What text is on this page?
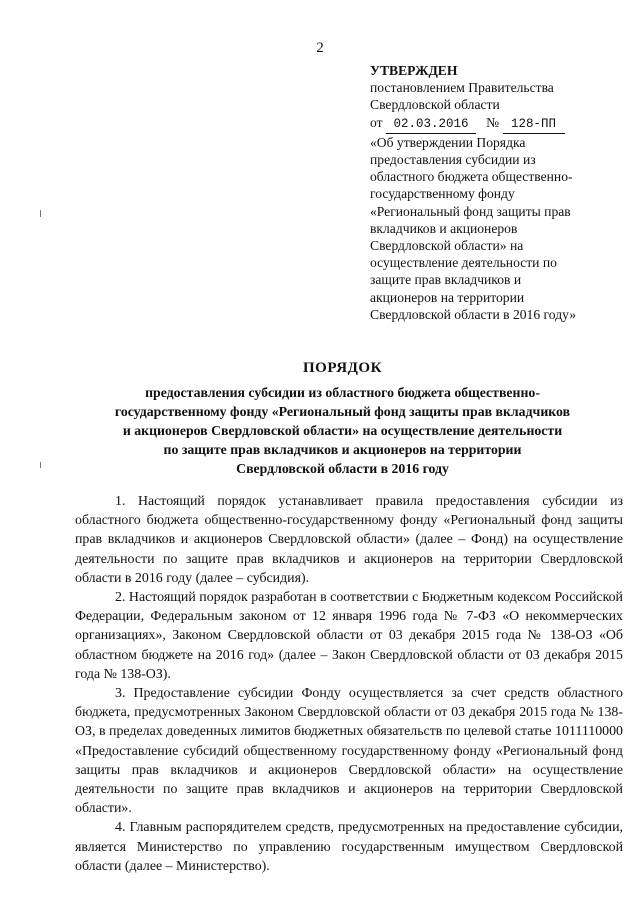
2
УТВЕРЖДЕН
постановлением Правительства
Свердловской области
от 02.03.2016 № 128-ПП
«Об утверждении Порядка
предоставления субсидии из
областного бюджета общественно-
государственному фонду
«Региональный фонд защиты прав
вкладчиков и акционеров
Свердловской области» на
осуществление деятельности по
защите прав вкладчиков и
акционеров на территории
Свердловской области в 2016 году»
ПОРЯДОК
предоставления субсидии из областного бюджета общественно-
государственному фонду «Региональный фонд защиты прав вкладчиков
и акционеров Свердловской области» на осуществление деятельности
по защите прав вкладчиков и акционеров на территории
Свердловской области в 2016 году

1. Настоящий порядок устанавливает правила предоставления субсидии из областного бюджета общественно-государственному фонду «Региональный фонд защиты прав вкладчиков и акционеров Свердловской области» (далее – Фонд) на осуществление деятельности по защите прав вкладчиков и акционеров на территории Свердловской области в 2016 году (далее – субсидия).

2. Настоящий порядок разработан в соответствии с Бюджетным кодексом Российской Федерации, Федеральным законом от 12 января 1996 года № 7-ФЗ «О некоммерческих организациях», Законом Свердловской области от 03 декабря 2015 года № 138-ОЗ «Об областном бюджете на 2016 год» (далее – Закон Свердловской области от 03 декабря 2015 года № 138-ОЗ).

3. Предоставление субсидии Фонду осуществляется за счет средств областного бюджета, предусмотренных Законом Свердловской области от 03 декабря 2015 года № 138-ОЗ, в пределах доведенных лимитов бюджетных обязательств по целевой статье 1011110000 «Предоставление субсидий общественному государственному фонду «Региональный фонд защиты прав вкладчиков и акционеров Свердловской области» на осуществление деятельности по защите прав вкладчиков и акционеров на территории Свердловской области».

4. Главным распорядителем средств, предусмотренных на предоставление субсидии, является Министерство по управлению государственным имуществом Свердловской области (далее – Министерство).
